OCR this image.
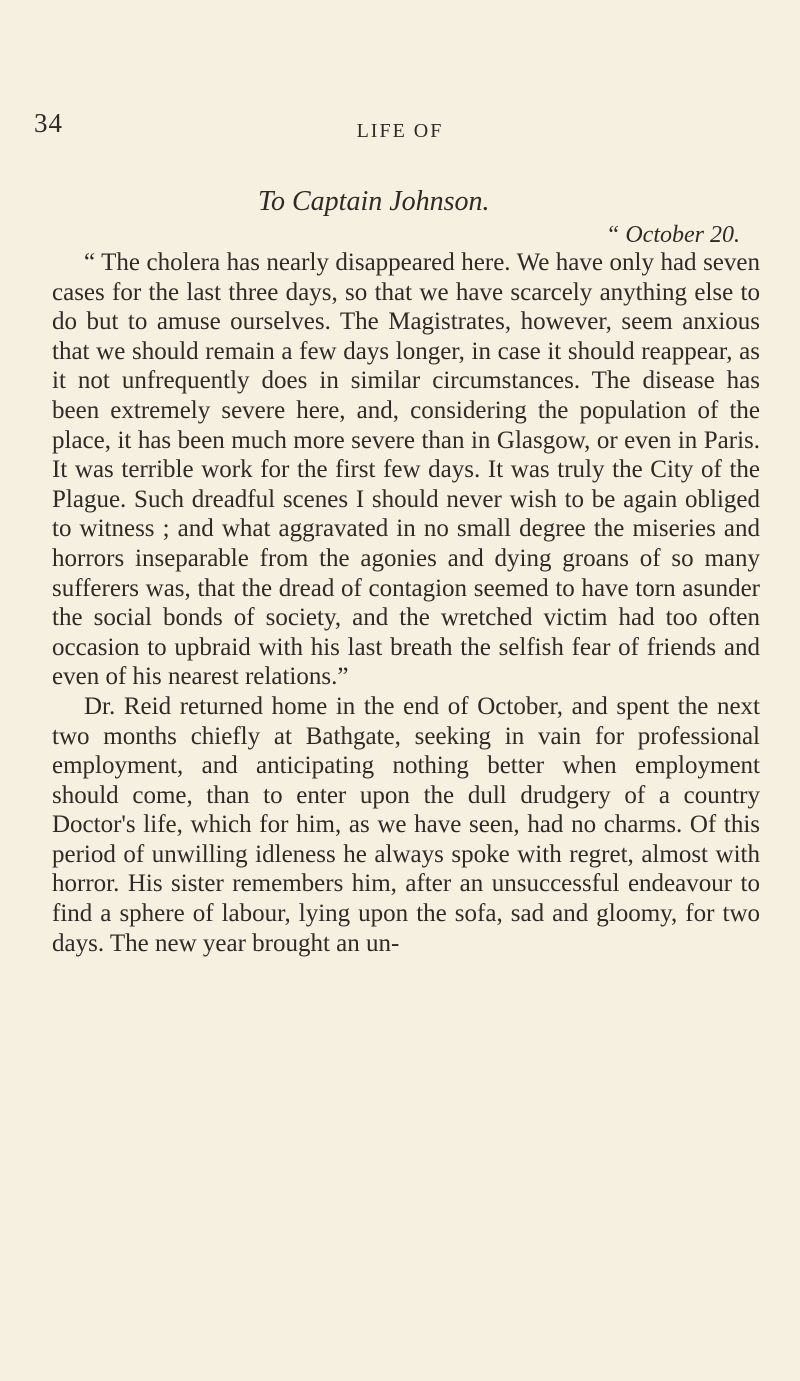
34	LIFE OF
To Captain Johnson.
“ October 20.

“ The cholera has nearly disappeared here. We have only had seven cases for the last three days, so that we have scarcely anything else to do but to amuse ourselves. The Magistrates, however, seem anxious that we should remain a few days longer, in case it should reappear, as it not unfrequently does in similar circumstances. The disease has been extremely severe here, and, considering the population of the place, it has been much more severe than in Glasgow, or even in Paris. It was terrible work for the first few days. It was truly the City of the Plague. Such dreadful scenes I should never wish to be again obliged to witness ; and what aggravated in no small degree the miseries and horrors inseparable from the agonies and dying groans of so many sufferers was, that the dread of contagion seemed to have torn asunder the social bonds of society, and the wretched victim had too often occasion to upbraid with his last breath the selfish fear of friends and even of his nearest relations.”

Dr. Reid returned home in the end of October, and spent the next two months chiefly at Bathgate, seeking in vain for professional employment, and anticipating nothing better when employment should come, than to enter upon the dull drudgery of a country Doctor's life, which for him, as we have seen, had no charms. Of this period of unwilling idleness he always spoke with regret, almost with horror. His sister remembers him, after an unsuccessful endeavour to find a sphere of labour, lying upon the sofa, sad and gloomy, for two days. The new year brought an un-
